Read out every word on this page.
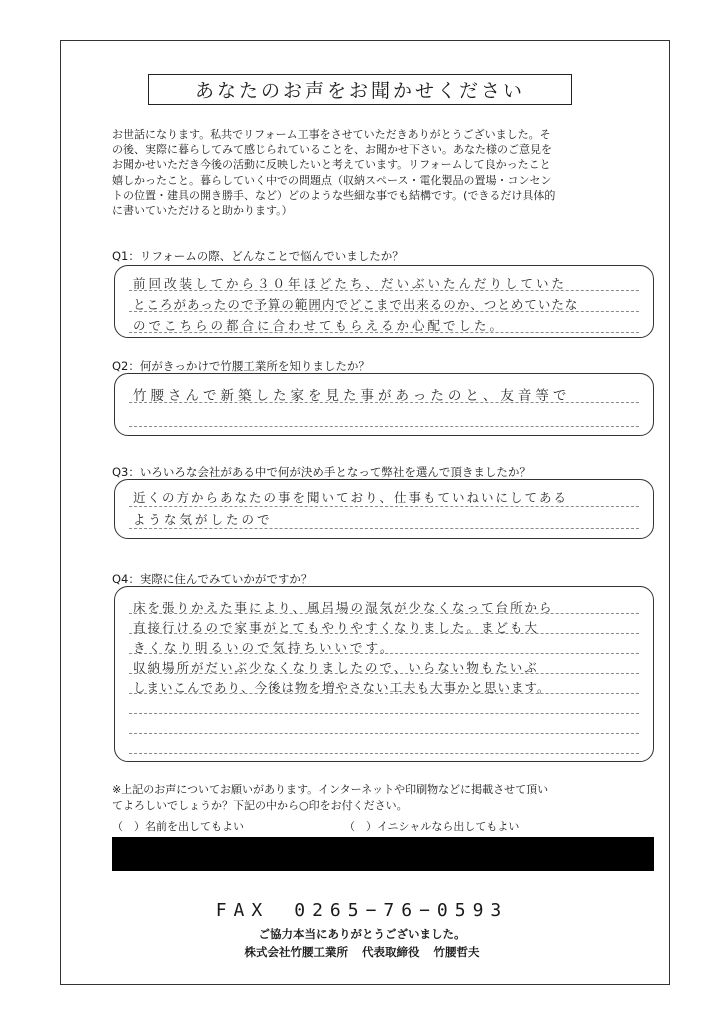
あなたのお声をお聞かせください
お世話になります。私共でリフォーム工事をさせていただきありがとうございました。そ
の後、実際に暮らしてみて感じられていることを、お聞かせ下さい。あなた様のご意見を
お聞かせいただき今後の活動に反映したいと考えています。リフォームして良かったこと
嬉しかったこと。暮らしていく中での問題点（収納スペース・電化製品の置場・コンセン
トの位置・建具の開き勝手、など）どのような些細な事でも結構です。(できるだけ具体的
に書いていただけると助かります。）
Q1：リフォームの際、どんなことで悩んでいましたか？
前回改装してから３０年ほどたち、だいぶいたんだりしていた
ところがあったので予算の範囲内でどこまで出来るのか、つとめていたな
のでこちらの都合に合わせてもらえるか心配でした。
Q2：何がきっかけで竹腰工業所を知りましたか？
竹腰さんで新築した家を見た事があったのと、友音等で
Q3：いろいろな会社がある中で何が決め手となって弊社を選んで頂きましたか？
近くの方からあなたの事を聞いており、仕事もていねいにしてある
ような気がしたので
Q4：実際に住んでみていかがですか？
床を張りかえた事により、風呂場の湿気が少なくなって台所から
直接行けるので家事がとてもやりやすくなりました。まども大
きくなり明るいので気持ちいいです。
収納場所がだいぶ少なくなりましたので、いらない物もたいぶ
しまいこんであり、今後は物を増やさない工夫も大事かと思います。
※上記のお声についてお願いがあります。インターネットや印刷物などに掲載させて頂い
てよろしいでしょうか？下記の中から○印をお付ください。
（　）名前を出してもよい	（　）イニシャルなら出してもよい
FAX　0265−76−0593
ご協力本当にありがとうございました。
株式会社竹腰工業所 代表取締役 竹腰哲夫
